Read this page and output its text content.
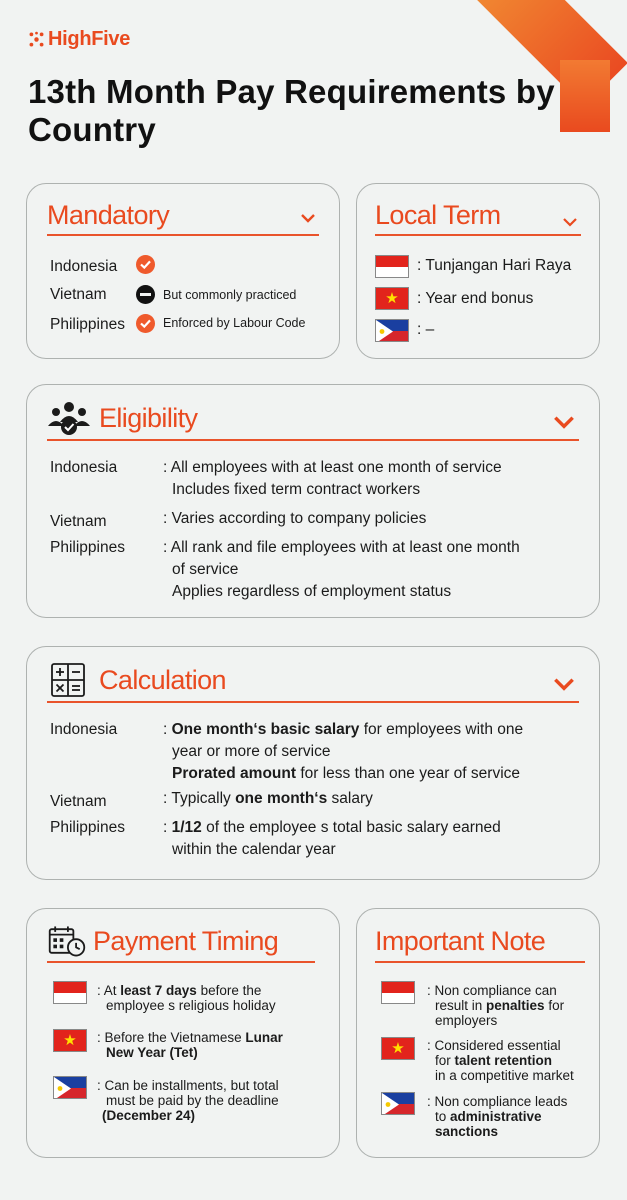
HighFive
13th Month Pay Requirements by Country
Mandatory
Indonesia
Vietnam	But commonly practiced
Philippines	Enforced by Labour Code
Local Term
: Tunjangan Hari Raya
★	: Year end bonus
: –
Eligibility
Indonesia	: All employees with at least one month of service
Includes fixed term contract workers
Vietnam	: Varies according to company policies
Philippines : All rank and file employees with at least one month
of service
Applies regardless of employment status
Calculation
Indonesia	: One month‘s basic salary for employees with one
year or more of service
Prorated amount for less than one year of service
Vietnam	: Typically one month‘s salary
Philippines : 1/12 of the employee s total basic salary earned
within the calendar year
Payment Timing
: At least 7 days before the
employee s religious holiday
★	: Before the Vietnamese Lunar
New Year (Tet)
: Can be installments, but total
must be paid by the deadline
(December 24)
Important Note
: Non compliance can
result in penalties for
employers
★	: Considered essential
for talent retention
in a competitive market
: Non compliance leads
to administrative
sanctions
